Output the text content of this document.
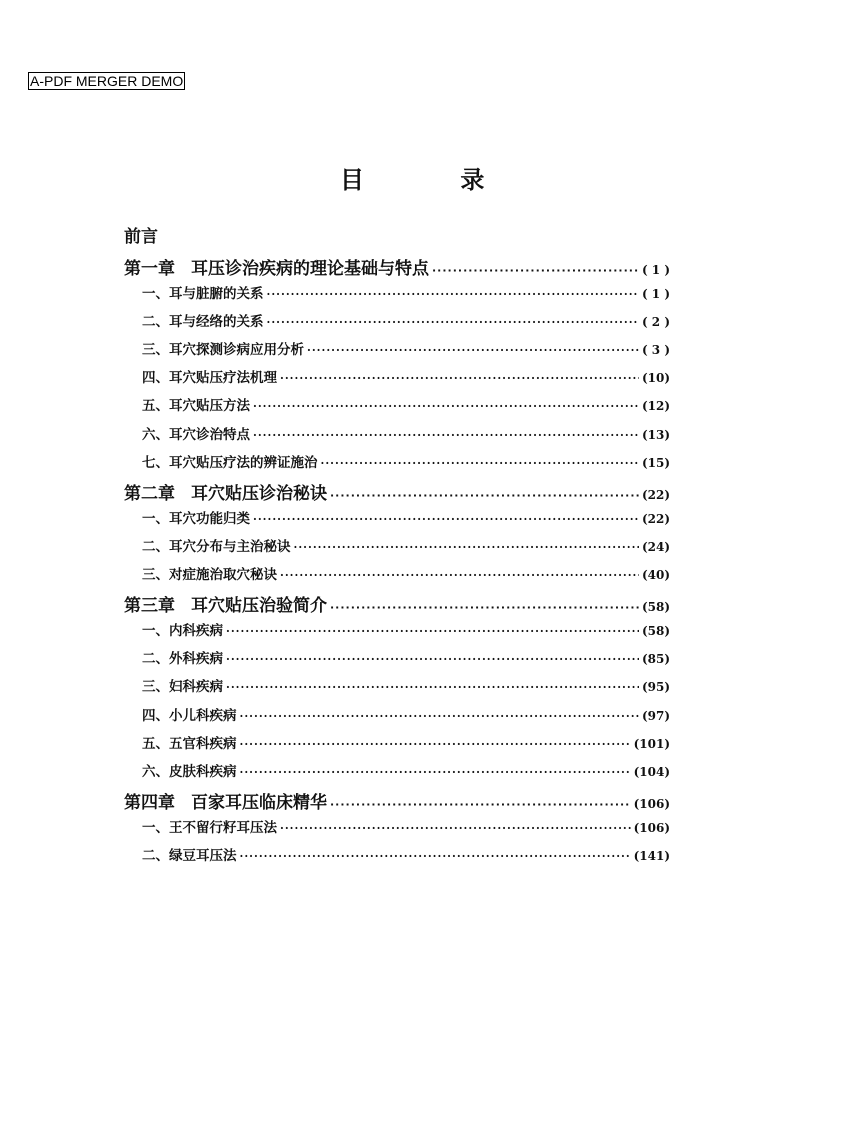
A-PDF MERGER DEMO
目 录
前言
第一章 耳压诊治疾病的理论基础与特点 ·····	( 1 )
一、耳与脏腑的关系 ·····	( 1 )
二、耳与经络的关系 ·····	( 2 )
三、耳穴探测诊病应用分析 ·····	( 3 )
四、耳穴贴压疗法机理 ·····	(10)
五、耳穴贴压方法 ·····	(12)
六、耳穴诊治特点 ·····	(13)
七、耳穴贴压疗法的辨证施治 ·····	(15)
第二章 耳穴贴压诊治秘诀 ·····	(22)
一、耳穴功能归类 ·····	(22)
二、耳穴分布与主治秘诀 ·····	(24)
三、对症施治取穴秘诀 ·····	(40)
第三章 耳穴贴压治验简介 ·····	(58)
一、内科疾病 ·····	(58)
二、外科疾病 ·····	(85)
三、妇科疾病 ·····	(95)
四、小儿科疾病 ·····	(97)
五、五官科疾病 ·····	(101)
六、皮肤科疾病 ·····	(104)
第四章 百家耳压临床精华 ·····	(106)
一、王不留行籽耳压法 ·····	(106)
二、绿豆耳压法 ·····	(141)
